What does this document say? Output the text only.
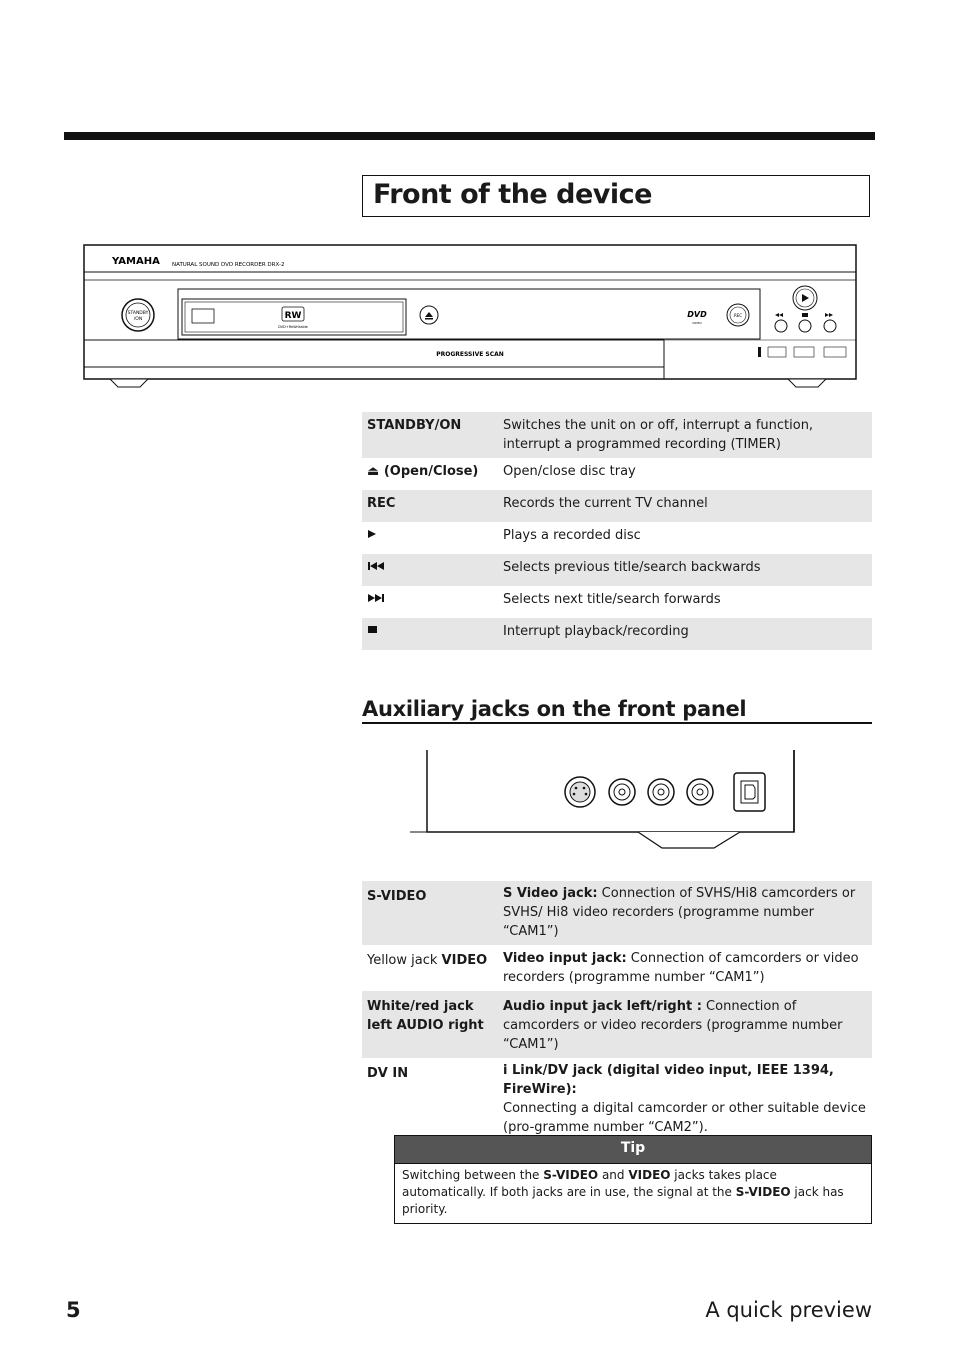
Front of the device
YAMAHA NATURAL SOUND DVD RECORDER DRX-2
STANDBY
/ON	RW
DVD+ReWritable
DVD
VIDEO
REC
PROGRESSIVE SCAN
STANDBY/ON	Switches the unit on or off, interrupt a function, interrupt a programmed recording (TIMER)
⏏ (Open/Close)	Open/close disc tray
REC	Records the current TV channel
	Plays a recorded disc
	Selects previous title/search backwards
	Selects next title/search forwards
	Interrupt playback/recording
Auxiliary jacks on the front panel
S-VIDEO	S Video jack: Connection of SVHS/Hi8 camcorders or SVHS/ Hi8 video recorders (programme number “CAM1”)
Yellow jack VIDEO	Video input jack: Connection of camcorders or video recorders (programme number “CAM1”)
White/red jack left AUDIO right	Audio input jack left/right : Connection of camcorders or video recorders (programme number “CAM1”)
DV IN	i Link/DV jack (digital video input, IEEE 1394, FireWire):
Connecting a digital camcorder or other suitable device (pro-gramme number “CAM2”).
Tip
Switching between the S-VIDEO and VIDEO jacks takes place automatically. If both jacks are in use, the signal at the S-VIDEO jack has priority.
5	A quick preview
